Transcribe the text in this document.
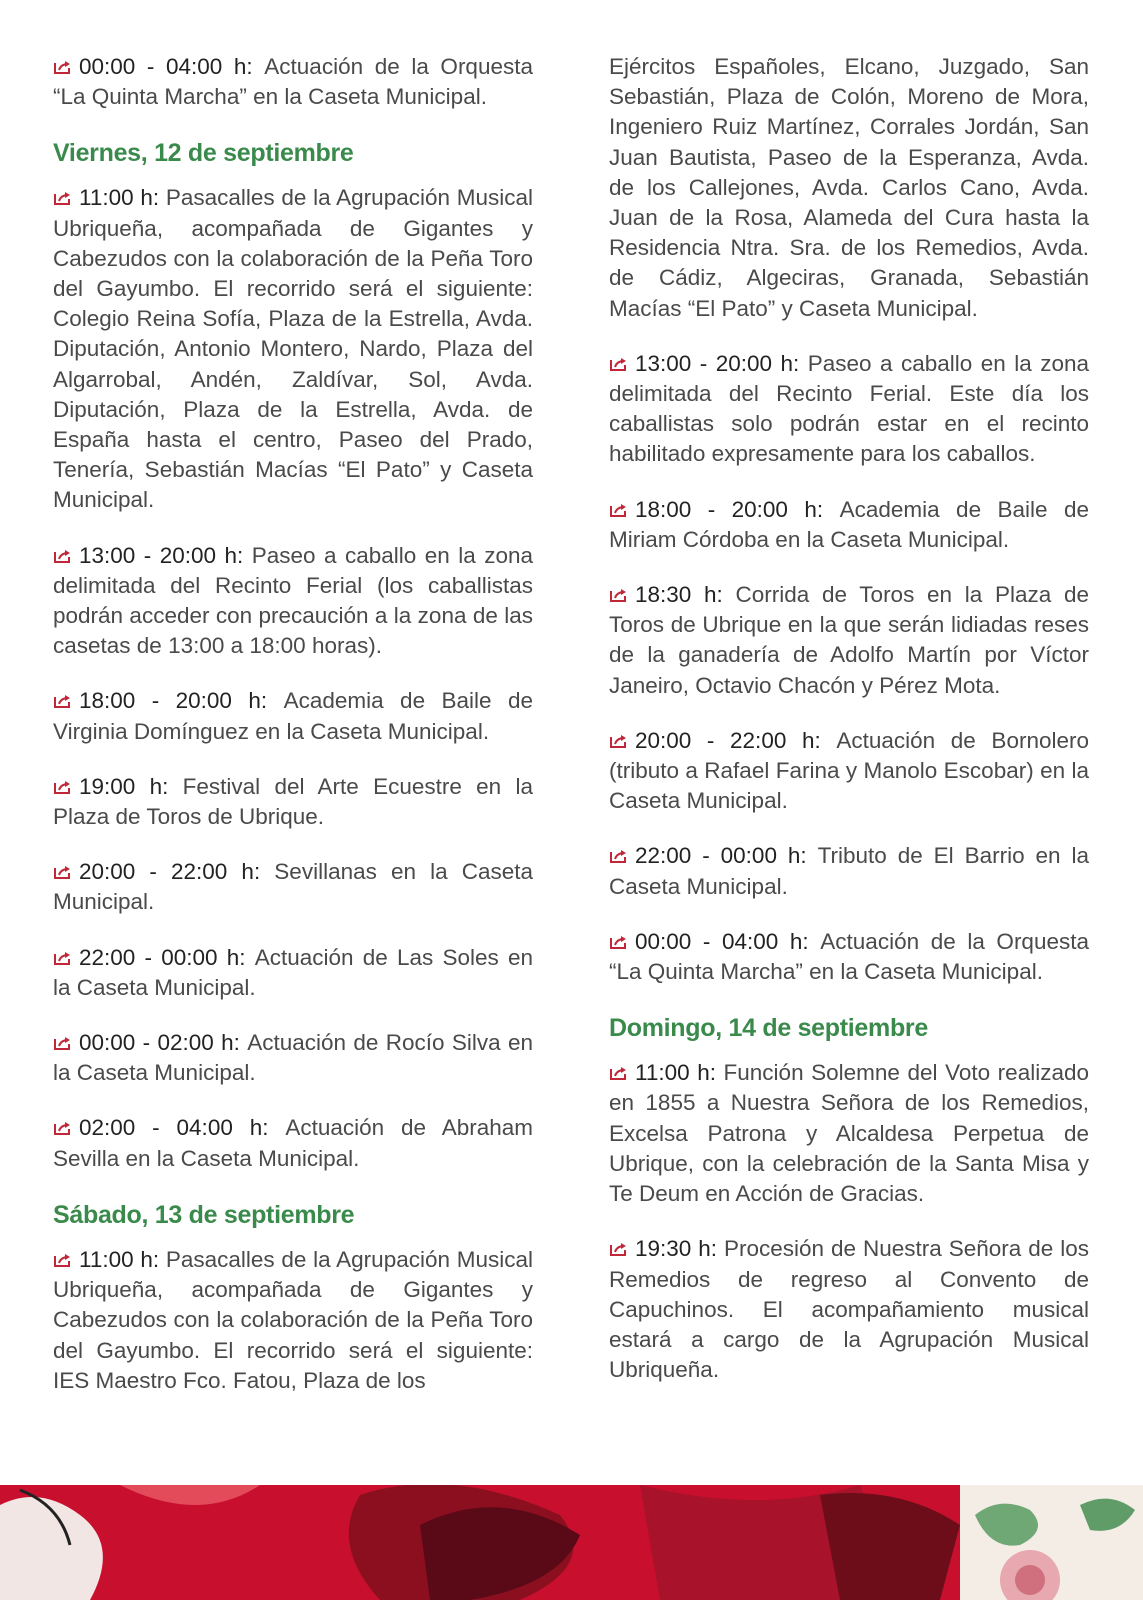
00:00 - 04:00 h: Actuación de la Orquesta “La Quinta Marcha” en la Caseta Municipal.

Viernes, 12 de septiembre

11:00 h: Pasacalles de la Agrupación Musical Ubriqueña, acompañada de Gigantes y Cabezudos con la colaboración de la Peña Toro del Gayumbo. El recorrido será el siguiente: Colegio Reina Sofía, Plaza de la Estrella, Avda. Diputación, Antonio Montero, Nardo, Plaza del Algarrobal, Andén, Zaldívar, Sol, Avda. Diputación, Plaza de la Estrella, Avda. de España hasta el centro, Paseo del Prado, Tenería, Sebastián Macías “El Pato” y Caseta Municipal.

13:00 - 20:00 h: Paseo a caballo en la zona delimitada del Recinto Ferial (los caballistas podrán acceder con precaución a la zona de las casetas de 13:00 a 18:00 horas).

18:00 - 20:00 h: Academia de Baile de Virginia Domínguez en la Caseta Municipal.

19:00 h: Festival del Arte Ecuestre en la Plaza de Toros de Ubrique.

20:00 - 22:00 h: Sevillanas en la Caseta Municipal.

22:00 - 00:00 h: Actuación de Las Soles en la Caseta Municipal.

00:00 - 02:00 h: Actuación de Rocío Silva en la Caseta Municipal.

02:00 - 04:00 h: Actuación de Abraham Sevilla en la Caseta Municipal.

Sábado, 13 de septiembre

11:00 h: Pasacalles de la Agrupación Musical Ubriqueña, acompañada de Gigantes y Cabezudos con la colaboración de la Peña Toro del Gayumbo. El recorrido será el siguiente: IES Maestro Fco. Fatou, Plaza de los

Ejércitos Españoles, Elcano, Juzgado, San Sebastián, Plaza de Colón, Moreno de Mora, Ingeniero Ruiz Martínez, Corrales Jordán, San Juan Bautista, Paseo de la Esperanza, Avda. de los Callejones, Avda. Carlos Cano, Avda. Juan de la Rosa, Alameda del Cura hasta la Residencia Ntra. Sra. de los Remedios, Avda. de Cádiz, Algeciras, Granada, Sebastián Macías “El Pato” y Caseta Municipal.

13:00 - 20:00 h: Paseo a caballo en la zona delimitada del Recinto Ferial. Este día los caballistas solo podrán estar en el recinto habilitado expresamente para los caballos.

18:00 - 20:00 h: Academia de Baile de Miriam Córdoba en la Caseta Municipal.

18:30 h: Corrida de Toros en la Plaza de Toros de Ubrique en la que serán lidiadas reses de la ganadería de Adolfo Martín por Víctor Janeiro, Octavio Chacón y Pérez Mota.

20:00 - 22:00 h: Actuación de Bornolero (tributo a Rafael Farina y Manolo Escobar) en la Caseta Municipal.

22:00 - 00:00 h: Tributo de El Barrio en la Caseta Municipal.

00:00 - 04:00 h: Actuación de la Orquesta “La Quinta Marcha” en la Caseta Municipal.

Domingo, 14 de septiembre

11:00 h: Función Solemne del Voto realizado en 1855 a Nuestra Señora de los Remedios, Excelsa Patrona y Alcaldesa Perpetua de Ubrique, con la celebración de la Santa Misa y Te Deum en Acción de Gracias.

19:30 h: Procesión de Nuestra Señora de los Remedios de regreso al Convento de Capuchinos. El acompañamiento musical estará a cargo de la Agrupación Musical Ubriqueña.
